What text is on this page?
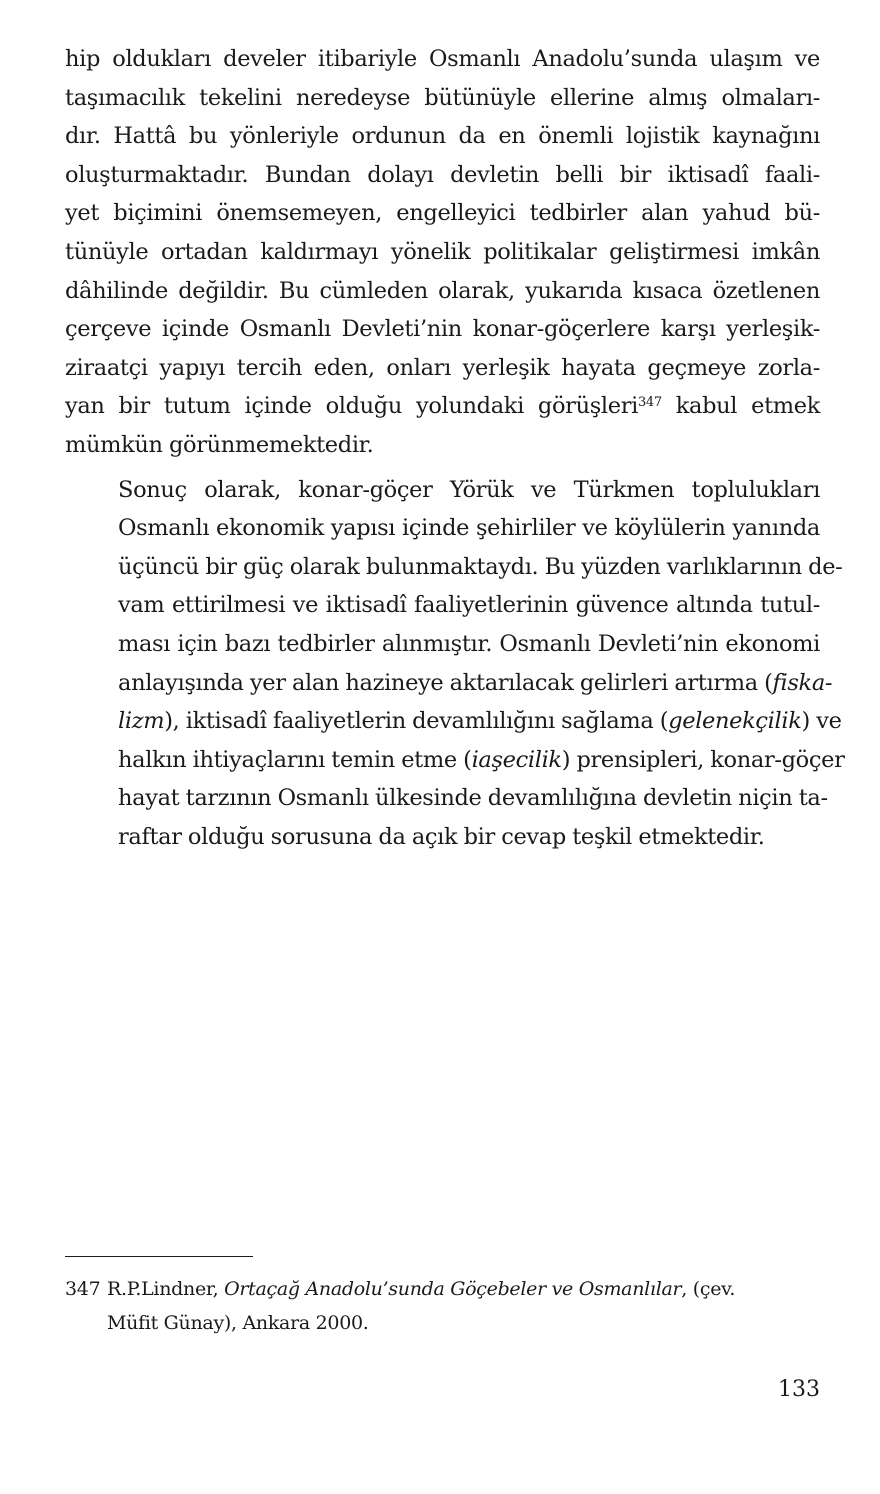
hip oldukları develer itibariyle Osmanlı Anadolu’sunda ulaşım ve
taşımacılık tekelini neredeyse bütünüyle ellerine almış olmaları-
dır. Hattâ bu yönleriyle ordunun da en önemli lojistik kaynağını
oluşturmaktadır. Bundan dolayı devletin belli bir iktisadî faali-
yet biçimini önemsemeyen, engelleyici tedbirler alan yahud bü-
tünüyle ortadan kaldırmayı yönelik politikalar geliştirmesi imkân
dâhilinde değildir. Bu cümleden olarak, yukarıda kısaca özetlenen
çerçeve içinde Osmanlı Devleti’nin konar-göçerlere karşı yerleşik-
ziraatçi yapıyı tercih eden, onları yerleşik hayata geçmeye zorla-
yan bir tutum içinde olduğu yolundaki görüşleri$^{347}$ kabul etmek
mümkün görünmemektedir.

Sonuç olarak, konar-göçer Yörük ve Türkmen toplulukları
Osmanlı ekonomik yapısı içinde şehirliler ve köylülerin yanında
üçüncü bir güç olarak bulunmaktaydı. Bu yüzden varlıklarının de-
vam ettirilmesi ve iktisadî faaliyetlerinin güvence altında tutul-
ması için bazı tedbirler alınmıştır. Osmanlı Devleti’nin ekonomi
anlayışında yer alan hazineye aktarılacak gelirleri artırma (fiska-
lizm), iktisadî faaliyetlerin devamlılığını sağlama (gelenekçilik) ve
halkın ihtiyaçlarını temin etme (iaşecilik) prensipleri, konar-göçer
hayat tarzının Osmanlı ülkesinde devamlılığına devletin niçin ta-
raftar olduğu sorusuna da açık bir cevap teşkil etmektedir.

347 R.P.Lindner, Ortaçağ Anadolu’sunda Göçebeler ve Osmanlılar, (çev.
Müfit Günay), Ankara 2000.
133
